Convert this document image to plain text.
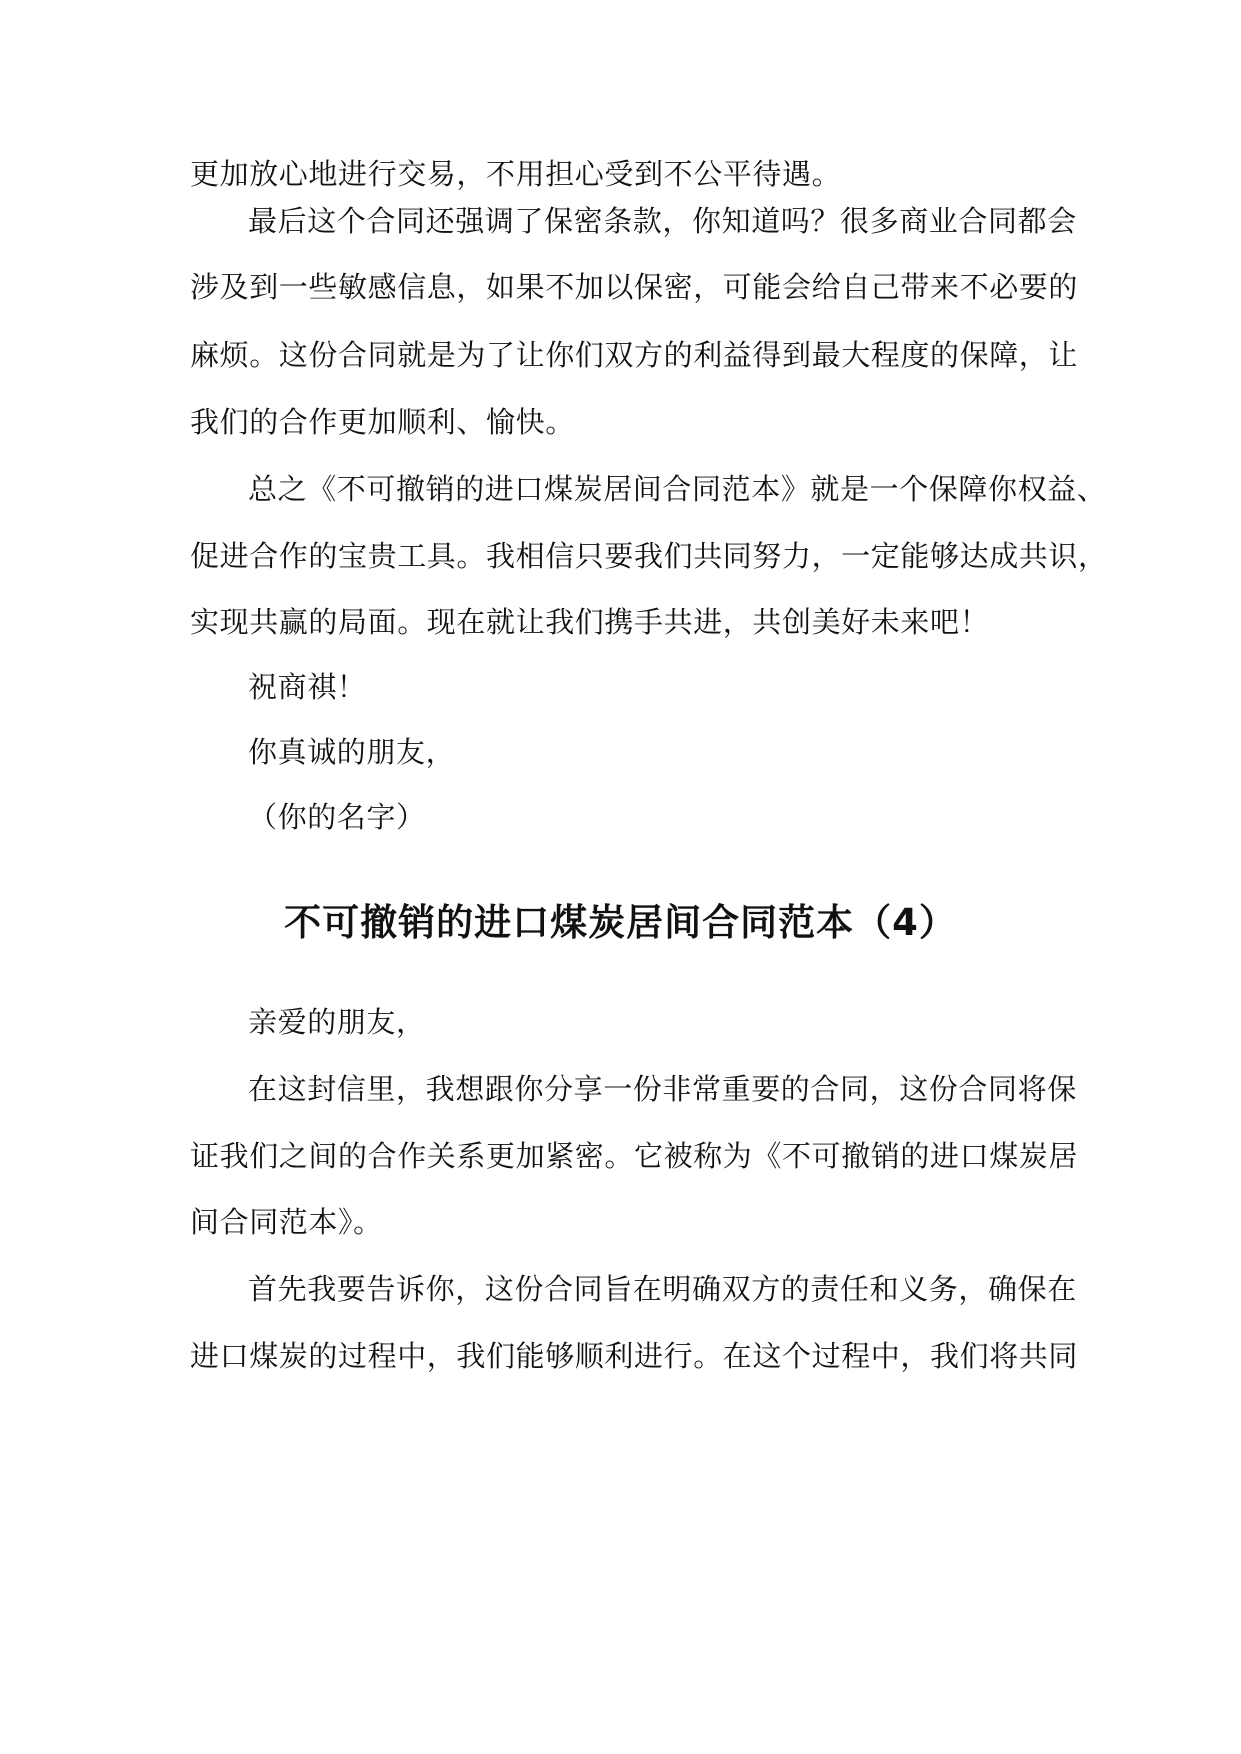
更加放心地进行交易，不用担心受到不公平待遇。
最后这个合同还强调了保密条款，你知道吗？很多商业合同都会
涉及到一些敏感信息，如果不加以保密，可能会给自己带来不必要的
麻烦。这份合同就是为了让你们双方的利益得到最大程度的保障，让
我们的合作更加顺利、愉快。
总之《不可撤销的进口煤炭居间合同范本》就是一个保障你权益、
促进合作的宝贵工具。我相信只要我们共同努力，一定能够达成共识，
实现共赢的局面。现在就让我们携手共进，共创美好未来吧！
祝商祺！
你真诚的朋友，
（你的名字）
不可撤销的进口煤炭居间合同范本（4）
亲爱的朋友，
在这封信里，我想跟你分享一份非常重要的合同，这份合同将保
证我们之间的合作关系更加紧密。它被称为《不可撤销的进口煤炭居
间合同范本》。
首先我要告诉你，这份合同旨在明确双方的责任和义务，确保在
进口煤炭的过程中，我们能够顺利进行。在这个过程中，我们将共同
